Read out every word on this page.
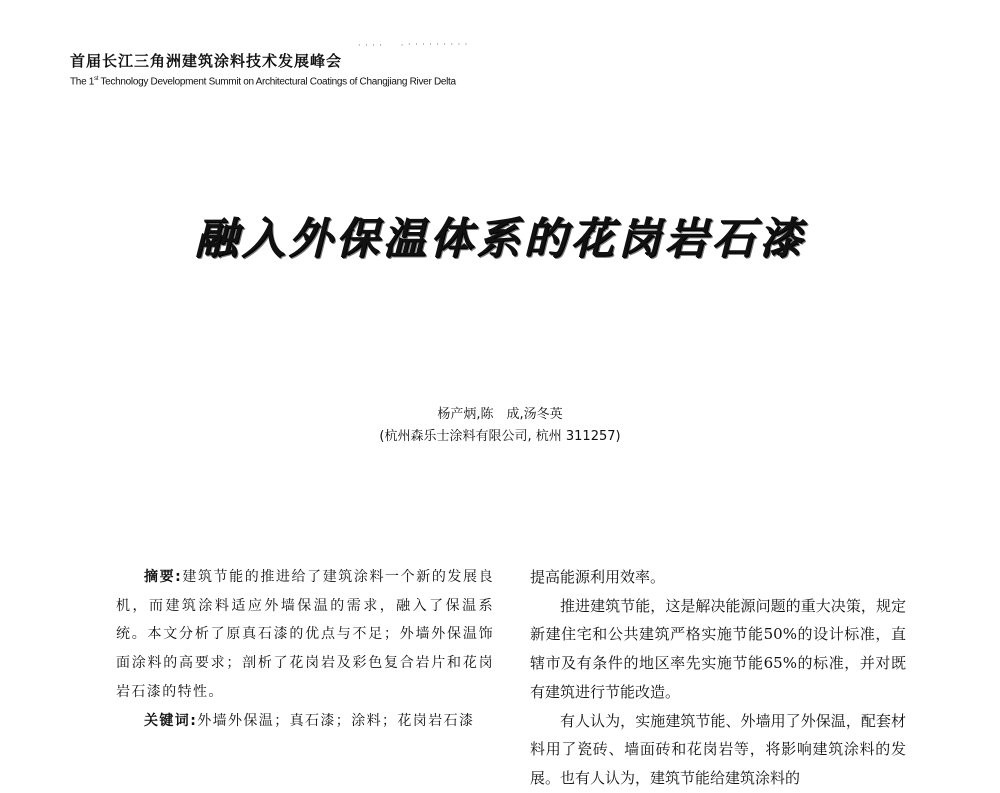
· · · ·　　· · · · · · · · · ·
首届长江三角洲建筑涂料技术发展峰会
The 1st Technology Development Summit on Architectural Coatings of Changjiang River Delta
融入外保温体系的花岗岩石漆
杨产炳,陈　成,汤冬英
(杭州森乐士涂料有限公司, 杭州 311257)

摘要:建筑节能的推进给了建筑涂料一个新的发展良机，而建筑涂料适应外墙保温的需求，融入了保温系统。本文分析了原真石漆的优点与不足；外墙外保温饰面涂料的高要求；剖析了花岗岩及彩色复合岩片和花岗岩石漆的特性。

关键词:外墙外保温；真石漆；涂料；花岗岩石漆

提高能源利用效率。

推进建筑节能，这是解决能源问题的重大决策，规定新建住宅和公共建筑严格实施节能50%的设计标准，直辖市及有条件的地区率先实施节能65%的标准，并对既有建筑进行节能改造。

有人认为，实施建筑节能、外墙用了外保温，配套材料用了瓷砖、墙面砖和花岗岩等，将影响建筑涂料的发展。也有人认为，建筑节能给建筑涂料的
